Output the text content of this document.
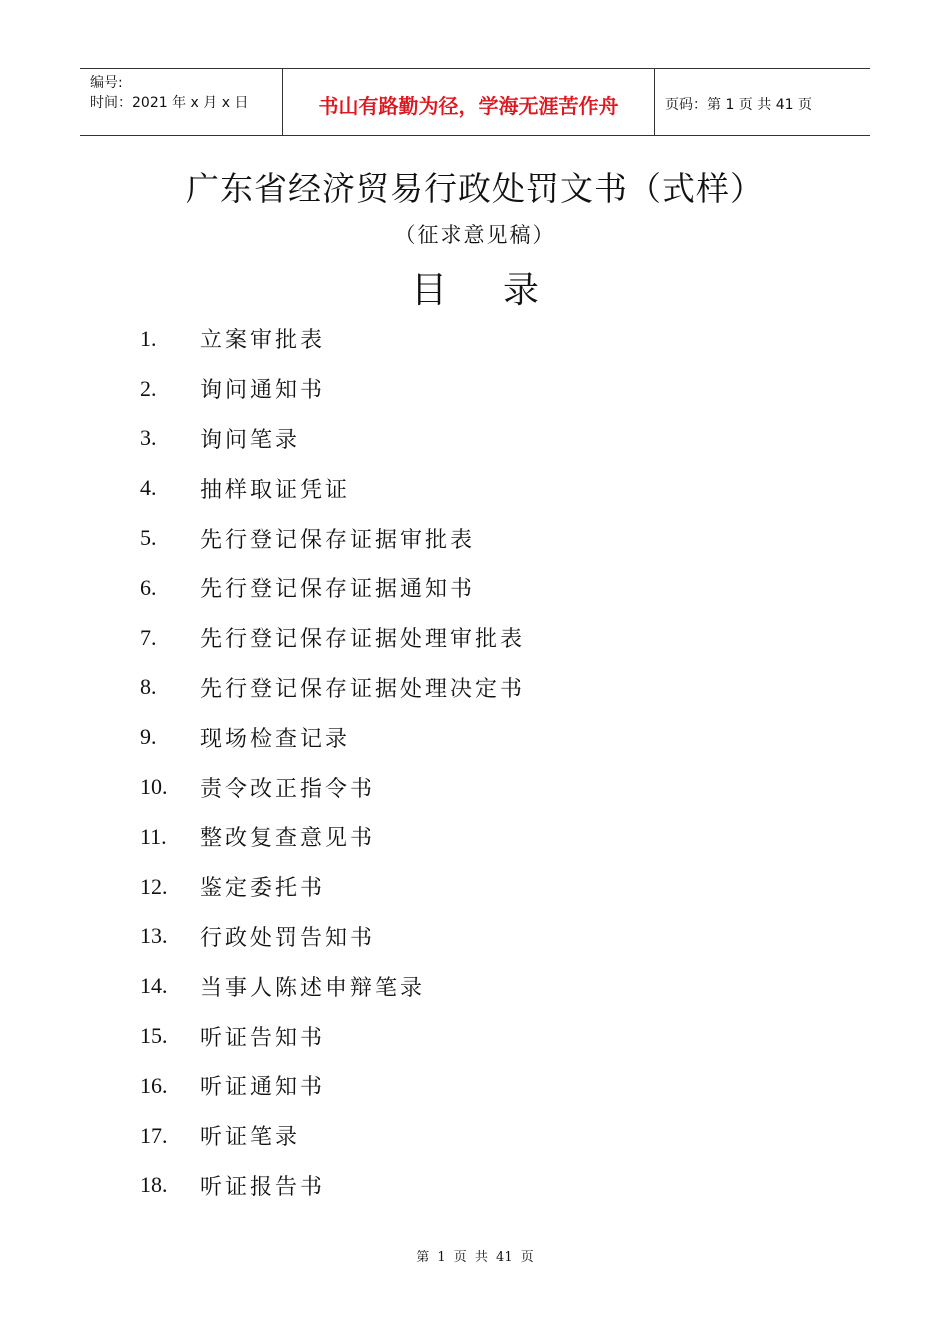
编号:
时间：2021 年 x 月 x 日	书山有路勤为径，学海无涯苦作舟	页码：第 1 页 共 41 页
广东省经济贸易行政处罚文书（式样）
（征求意见稿）
目 录
1.	立案审批表
2.	询问通知书
3.	询问笔录
4.	抽样取证凭证
5.	先行登记保存证据审批表
6.	先行登记保存证据通知书
7.	先行登记保存证据处理审批表
8.	先行登记保存证据处理决定书
9.	现场检查记录
10.	责令改正指令书
11.	整改复查意见书
12.	鉴定委托书
13.	行政处罚告知书
14.	当事人陈述申辩笔录
15.	听证告知书
16.	听证通知书
17.	听证笔录
18.	听证报告书
第 1 页 共 41 页
